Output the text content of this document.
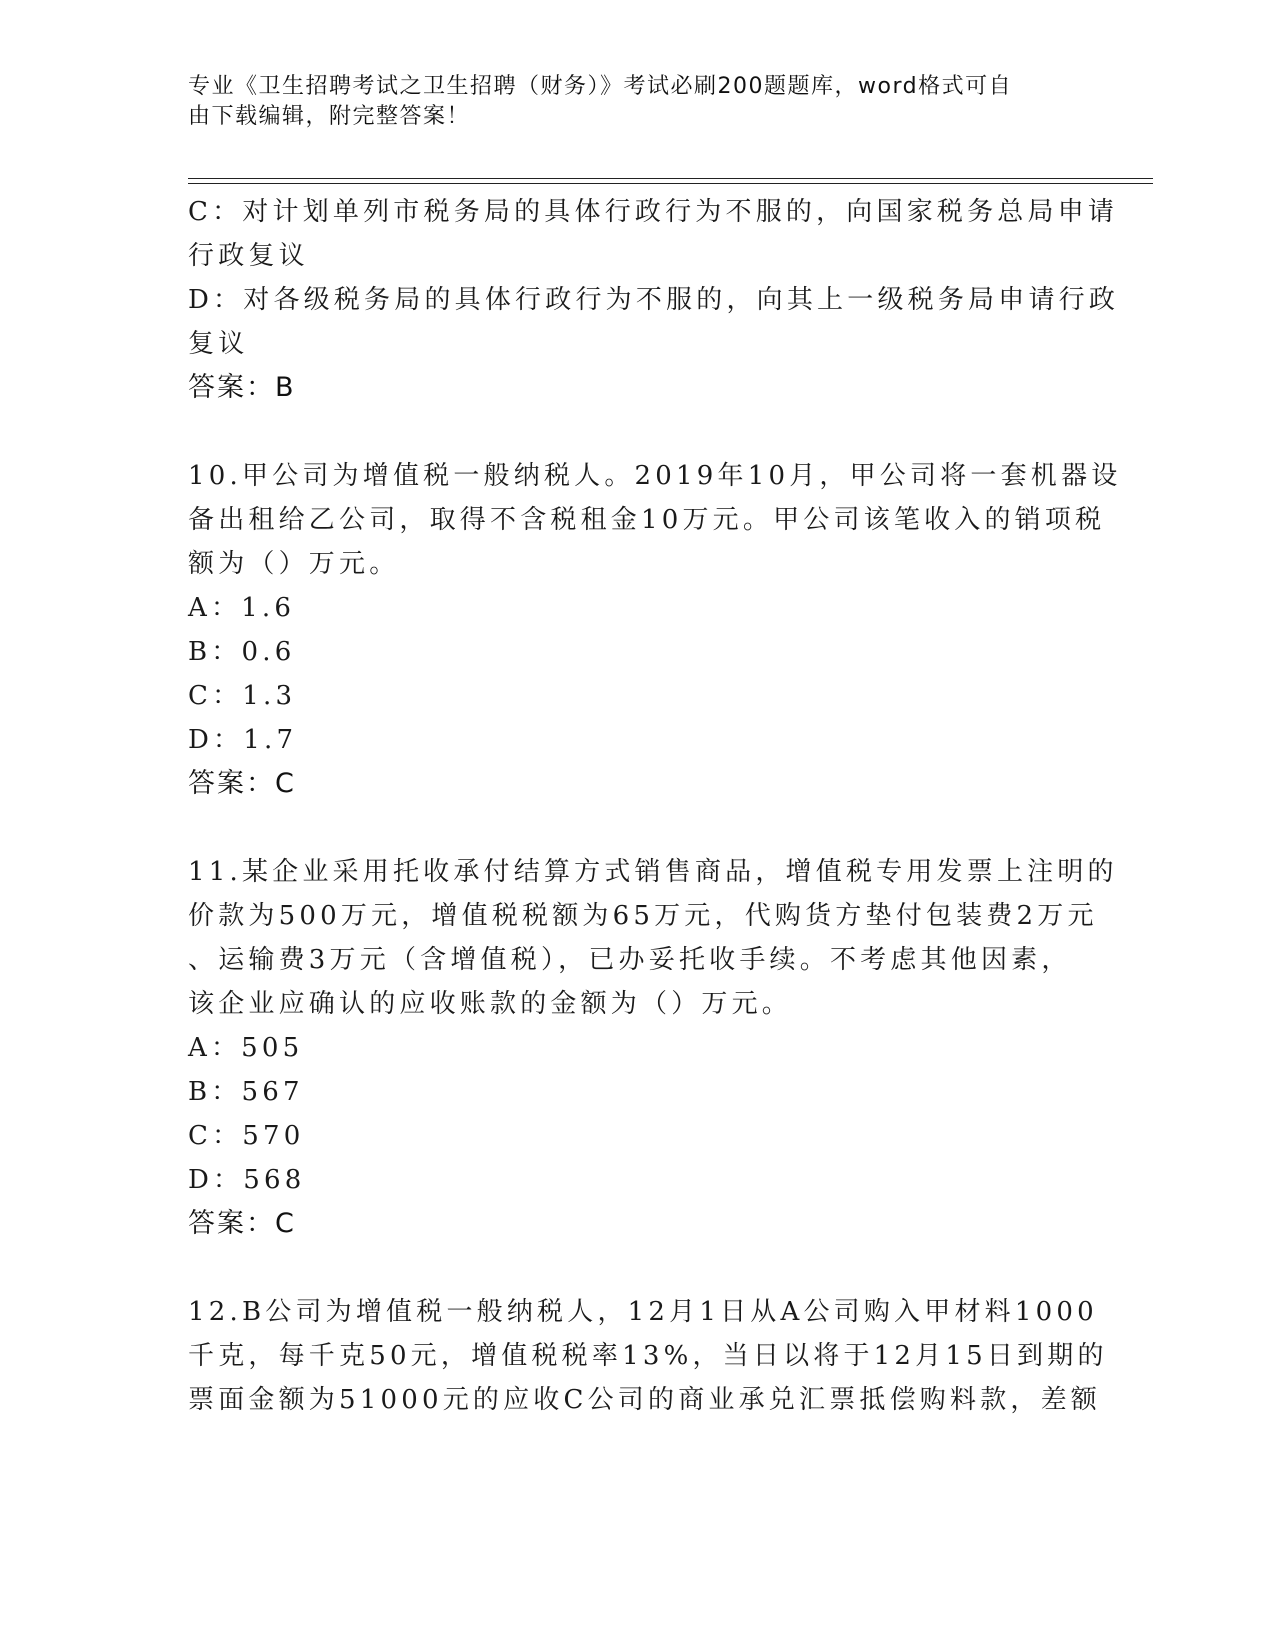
专业《卫生招聘考试之卫生招聘（财务）》考试必刷200题题库，word格式可自
由下载编辑，附完整答案！
C：对计划单列市税务局的具体行政行为不服的，向国家税务总局申请
行政复议
D：对各级税务局的具体行政行为不服的，向其上一级税务局申请行政
复议
答案：B
10.甲公司为增值税一般纳税人。2019年10月，甲公司将一套机器设
备出租给乙公司，取得不含税租金10万元。甲公司该笔收入的销项税
额为（）万元。
A：1.6
B：0.6
C：1.3
D：1.7
答案：C
11.某企业采用托收承付结算方式销售商品，增值税专用发票上注明的
价款为500万元，增值税税额为65万元，代购货方垫付包装费2万元
、运输费3万元（含增值税），已办妥托收手续。不考虑其他因素，
该企业应确认的应收账款的金额为（）万元。
A：505
B：567
C：570
D：568
答案：C
12.B公司为增值税一般纳税人，12月1日从A公司购入甲材料1000
千克，每千克50元，增值税税率13%，当日以将于12月15日到期的
票面金额为51000元的应收C公司的商业承兑汇票抵偿购料款，差额
